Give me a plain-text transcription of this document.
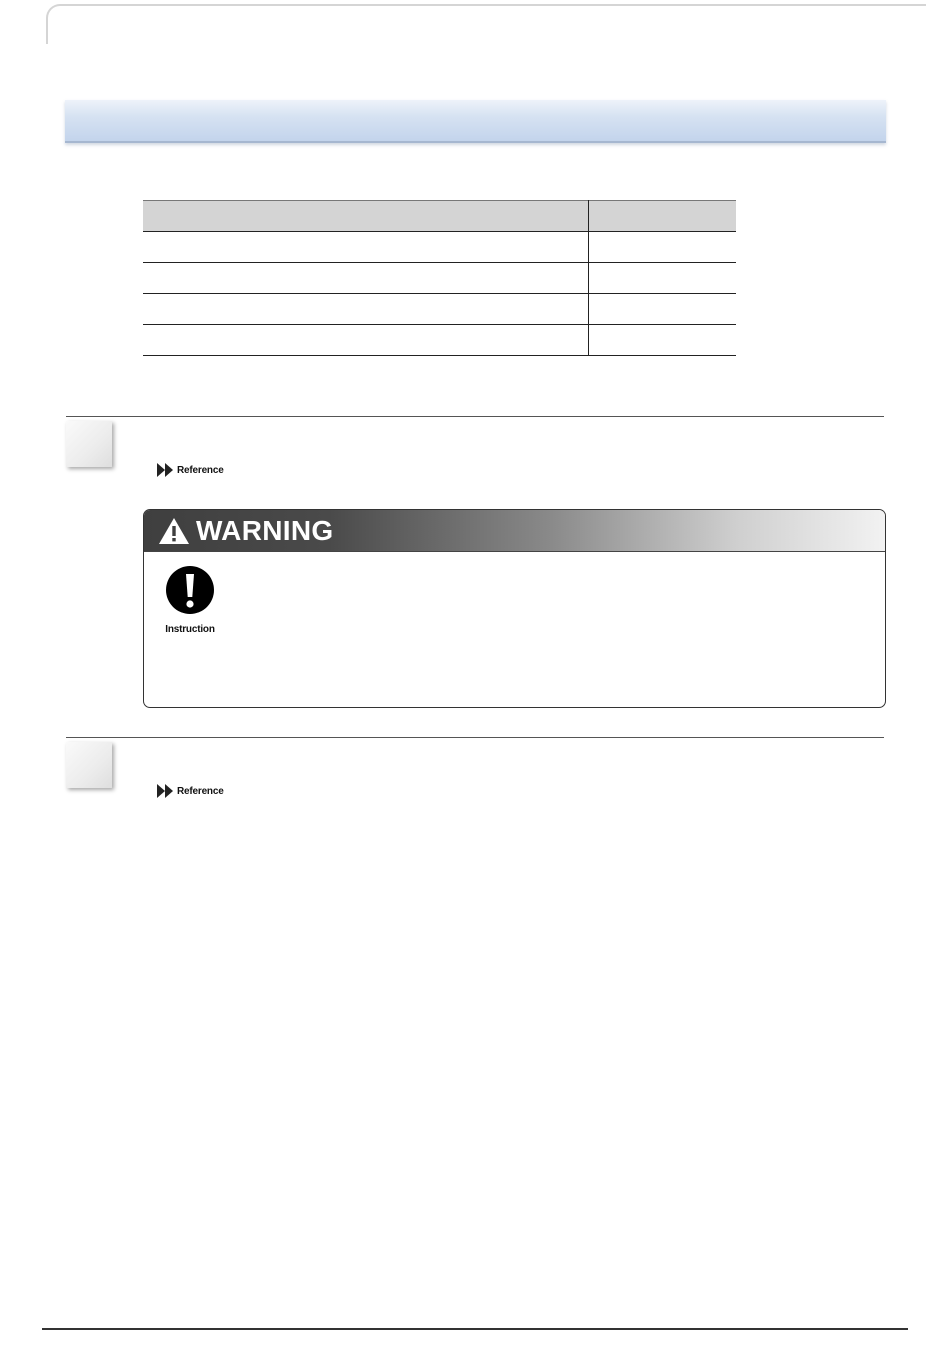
Reference
WARNING
Instruction
Reference
